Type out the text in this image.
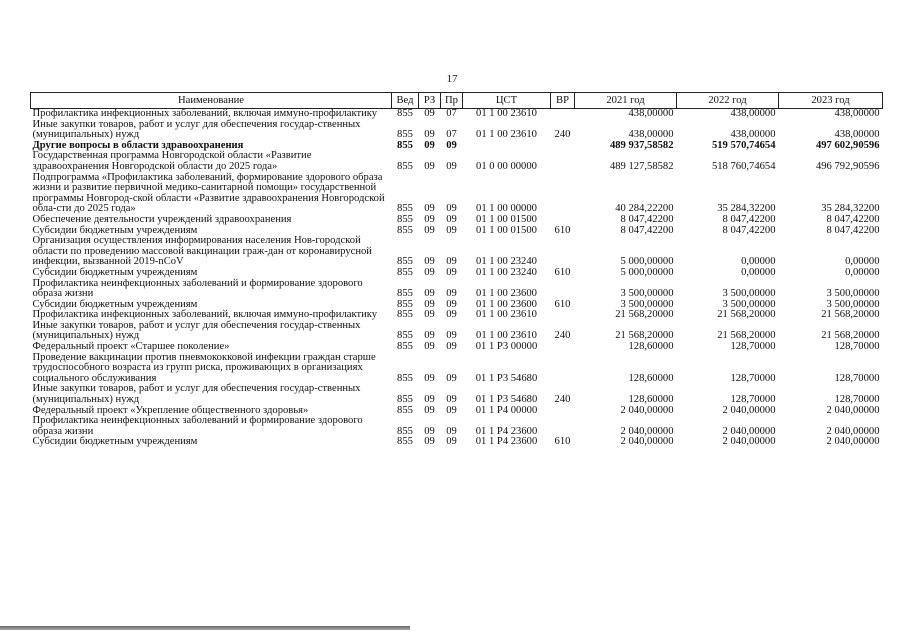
17
Наименование	Вед	РЗ	Пр	ЦСТ	ВР	2021 год	2022 год	2023 год
Профилактика инфекционных заболеваний, включая иммуно-профилактику	855	09	07	01 1 00 23610		438,00000	438,00000	438,00000
Иные закупки товаров, работ и услуг для обеспечения государ-ственных (муниципальных) нужд	855	09	07	01 1 00 23610	240	438,00000	438,00000	438,00000
Другие вопросы в области здравоохранения	855	09	09			489 937,58582	519 570,74654	497 602,90596
Государственная программа Новгородской области «Развитие здравоохранения Новгородской области до 2025 года»	855	09	09	01 0 00 00000		489 127,58582	518 760,74654	496 792,90596
Подпрограмма «Профилактика заболеваний, формирование здорового образа жизни и развитие первичной медико-санитарной помощи» государственной программы Новгород-ской области «Развитие здравоохранения Новгородской обла-сти до 2025 года»	855	09	09	01 1 00 00000		40 284,22200	35 284,32200	35 284,32200
Обеспечение деятельности учреждений здравоохранения	855	09	09	01 1 00 01500		8 047,42200	8 047,42200	8 047,42200
Субсидии бюджетным учреждениям	855	09	09	01 1 00 01500	610	8 047,42200	8 047,42200	8 047,42200
Организация осуществления информирования населения Нов-городской области по проведению массовой вакцинации граж-дан от коронавирусной инфекции, вызванной 2019-nCoV	855	09	09	01 1 00 23240		5 000,00000	0,00000	0,00000
Субсидии бюджетным учреждениям	855	09	09	01 1 00 23240	610	5 000,00000	0,00000	0,00000
Профилактика неинфекционных заболеваний и формирование здорового образа жизни	855	09	09	01 1 00 23600		3 500,00000	3 500,00000	3 500,00000
Субсидии бюджетным учреждениям	855	09	09	01 1 00 23600	610	3 500,00000	3 500,00000	3 500,00000
Профилактика инфекционных заболеваний, включая иммуно-профилактику	855	09	09	01 1 00 23610		21 568,20000	21 568,20000	21 568,20000
Иные закупки товаров, работ и услуг для обеспечения государ-ственных (муниципальных) нужд	855	09	09	01 1 00 23610	240	21 568,20000	21 568,20000	21 568,20000
Федеральный проект «Старшее поколение»	855	09	09	01 1 P3 00000		128,60000	128,70000	128,70000
Проведение вакцинации против пневмококковой инфекции граждан старше трудоспособного возраста из групп риска, проживающих в организациях социального обслуживания	855	09	09	01 1 P3 54680		128,60000	128,70000	128,70000
Иные закупки товаров, работ и услуг для обеспечения государ-ственных (муниципальных) нужд	855	09	09	01 1 P3 54680	240	128,60000	128,70000	128,70000
Федеральный проект «Укрепление общественного здоровья»	855	09	09	01 1 P4 00000		2 040,00000	2 040,00000	2 040,00000
Профилактика неинфекционных заболеваний и формирование здорового образа жизни	855	09	09	01 1 P4 23600		2 040,00000	2 040,00000	2 040,00000
Субсидии бюджетным учреждениям	855	09	09	01 1 P4 23600	610	2 040,00000	2 040,00000	2 040,00000
